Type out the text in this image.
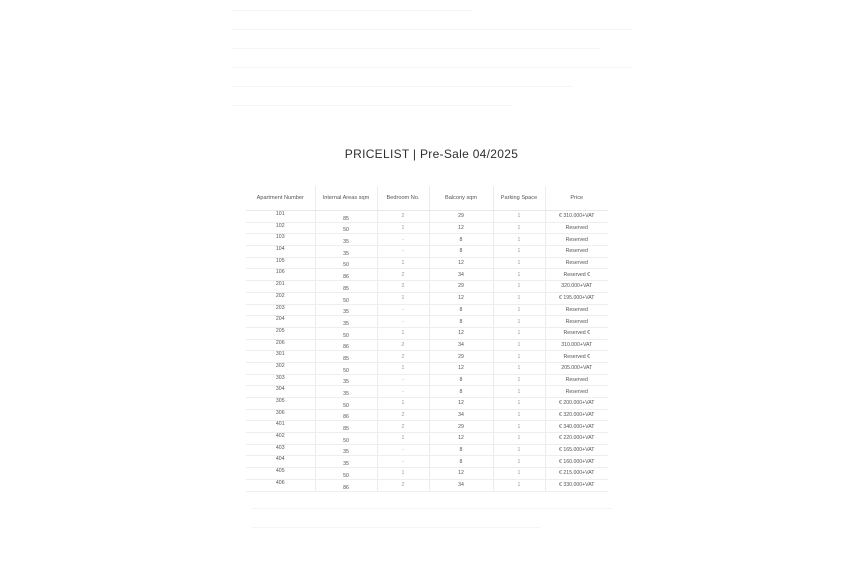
PRICELIST | Pre-Sale 04/2025
Apartment Number	Internal Areas sqm	Bedroom No.	Balcony sqm	Parking Space	Price
101	85	2	29	1	€ 310.000+VAT
102	50	1	12	1	Reserved
103	35	-	8	1	Reserved
104	35	-	8	1	Reserved
105	50	1	12	1	Reserved
106	86	2	34	1	Reserved €
201	85	2	29	1	320.000+VAT
202	50	1	12	1	€ 195.000+VAT
203	35	-	8	1	Reserved
204	35	-	8	1	Reserved
205	50	1	12	1	Reserved €
206	86	2	34	1	310.000+VAT
301	85	2	29	1	Reserved €
302	50	1	12	1	205.000+VAT
303	35	-	8	1	Reserved
304	35	-	8	1	Reserved
305	50	1	12	1	€ 200.000+VAT
306	86	2	34	1	€ 320.000+VAT
401	85	2	29	1	€ 340.000+VAT
402	50	1	12	1	€ 220.000+VAT
403	35	-	8	1	€ 165.000+VAT
404	35	-	8	1	€ 160.000+VAT
405	50	1	12	1	€ 215.000+VAT
406	86	2	34	1	€ 330.000+VAT
